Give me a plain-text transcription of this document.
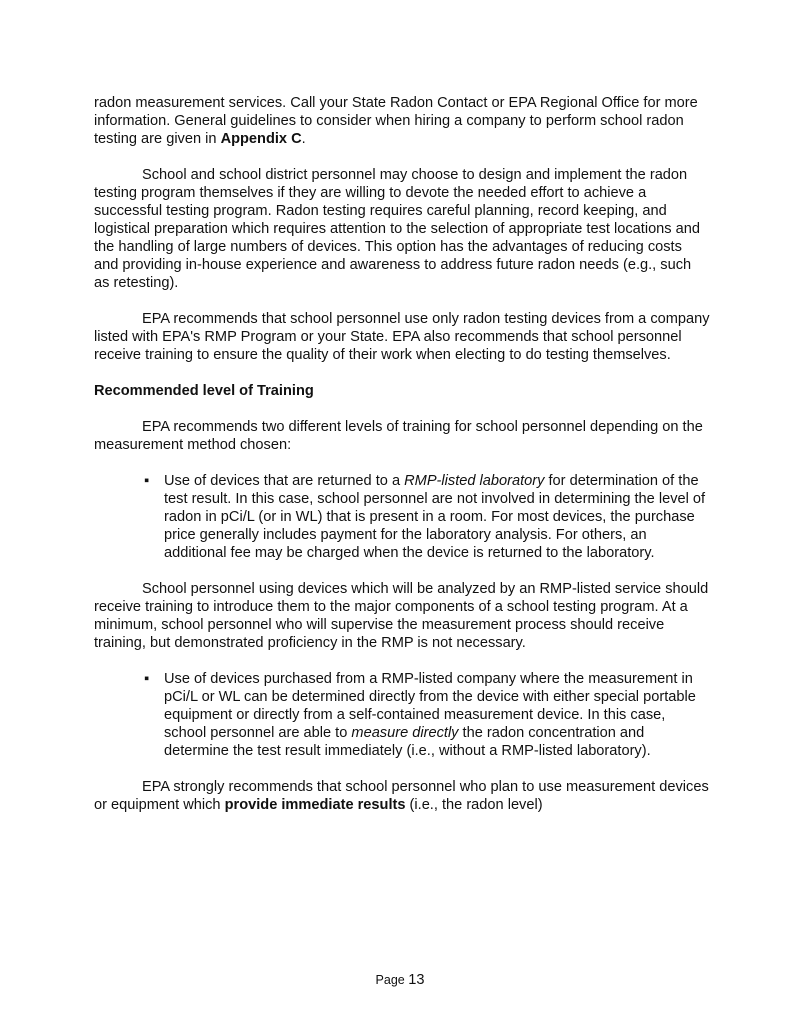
radon measurement services. Call your State Radon Contact or EPA Regional Office for more information. General guidelines to consider when hiring a company to perform school radon testing are given in Appendix C.

School and school district personnel may choose to design and implement the radon testing program themselves if they are willing to devote the needed effort to achieve a successful testing program. Radon testing requires careful planning, record keeping, and logistical preparation which requires attention to the selection of appropriate test locations and the handling of large numbers of devices. This option has the advantages of reducing costs and providing in-house experience and awareness to address future radon needs (e.g., such as retesting).

EPA recommends that school personnel use only radon testing devices from a company listed with EPA's RMP Program or your State. EPA also recommends that school personnel receive training to ensure the quality of their work when electing to do testing themselves.

Recommended level of Training

EPA recommends two different levels of training for school personnel depending on the measurement method chosen:

▪ Use of devices that are returned to a RMP-listed laboratory for determination of the test result. In this case, school personnel are not involved in determining the level of radon in pCi/L (or in WL) that is present in a room. For most devices, the purchase price generally includes payment for the laboratory analysis. For others, an additional fee may be charged when the device is returned to the laboratory.

School personnel using devices which will be analyzed by an RMP-listed service should receive training to introduce them to the major components of a school testing program. At a minimum, school personnel who will supervise the measurement process should receive training, but demonstrated proficiency in the RMP is not necessary.

▪ Use of devices purchased from a RMP-listed company where the measurement in pCi/L or WL can be determined directly from the device with either special portable equipment or directly from a self-contained measurement device. In this case, school personnel are able to measure directly the radon concentration and determine the test result immediately (i.e., without a RMP-listed laboratory).

EPA strongly recommends that school personnel who plan to use measurement devices or equipment which provide immediate results (i.e., the radon level)

Page 13
